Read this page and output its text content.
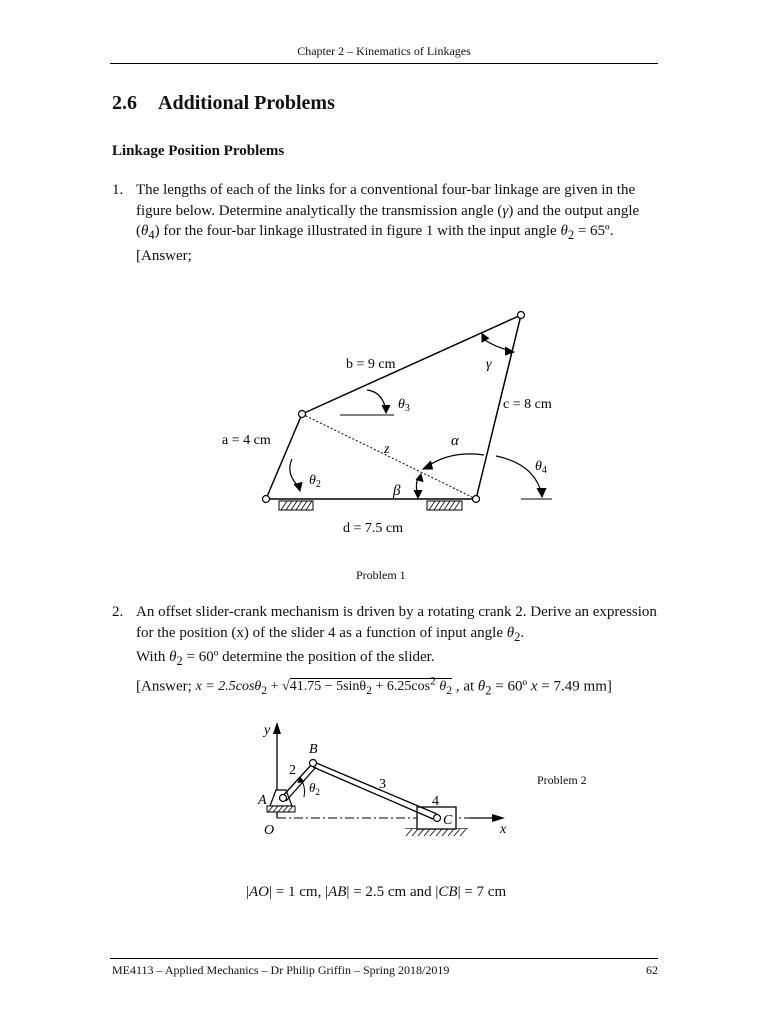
Chapter 2 – Kinematics of Linkages
2.6 Additional Problems
Linkage Position Problems
1. The lengths of each of the links for a conventional four-bar linkage are given in the figure below. Determine analytically the transmission angle (γ) and the output angle $(\theta_4)$ for the four-bar linkage illustrated in figure 1 with the input angle $\theta_2$ = 65º.
[Answer;
b = 9 cm
a = 4 cm
c = 8 cm
d = 7.5 cm
z
γ
α
β
$\theta_2$
$\theta_3$
$\theta_4$
Problem 1
2. An offset slider-crank mechanism is driven by a rotating crank 2. Derive an expression for the position (x) of the slider 4 as a function of input angle $\theta_2$.
With $\theta_2$ = 60º determine the position of the slider.
[Answer; $x = 2.5\cos\theta_2 + √41.75 - 5\sin\theta_2 + 6.25\cos^2$ $\theta_2$ , at $\theta_2$ = 60º x = 7.49 mm]
y
x
B
A
O
C
2
3
4
$\theta_2$
Problem 2
|AO| = 1 cm, |AB| = 2.5 cm and |CB| = 7 cm
ME4113 – Applied Mechanics – Dr Philip Griffin – Spring 2018/2019	62
